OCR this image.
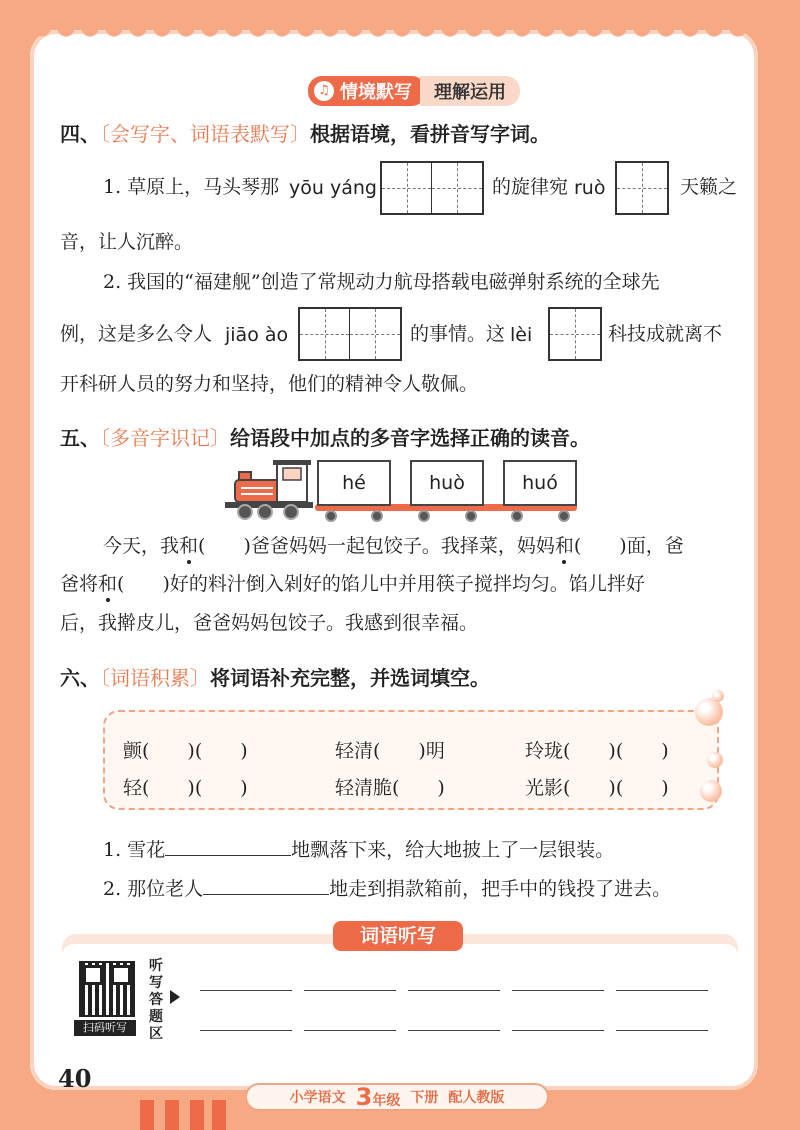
♫ 情境默写	理解运用
四、〔会写字、词语表默写〕根据语境，看拼音写字词。
1. 草原上，马头琴那 yōu yáng	的旋律宛 ruò	天籁之
音，让人沉醉。
2. 我国的“福建舰”创造了常规动力航母搭载电磁弹射系统的全球先
例，这是多么令人 jiāo ào	的事情。这 lèi	科技成就离不
开科研人员的努力和坚持，他们的精神令人敬佩。
五、〔多音字识记〕给语段中加点的多音字选择正确的读音。
hé	huò	huó
今天，我和(　　)爸爸妈妈一起包饺子。我择菜，妈妈和(　　)面，爸
爸将和(　　)好的料汁倒入剁好的馅儿中并用筷子搅拌均匀。馅儿拌好
后，我擀皮儿，爸爸妈妈包饺子。我感到很幸福。
六、〔词语积累〕将词语补充完整，并选词填空。
颤(　　)(　　)	轻清(　　)明	玲珑(　　)(　　)
轻(　　)(　　)	轻清脆(　　)	光影(　　)(　　)
1. 雪花	地飘落下来，给大地披上了一层银装。
2. 那位老人	地走到捐款箱前，把手中的钱投了进去。
词语听写
扫码听写
听写答题区
40
小学语文 3年级 下册 配人教版
